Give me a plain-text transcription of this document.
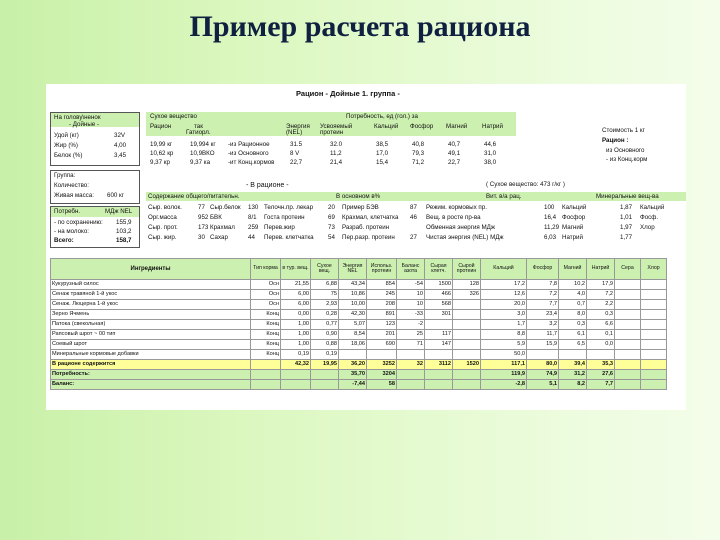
Пример расчета рациона
Рацион - Дойные 1. группа -
На голову\ненок
- Дойные -
Удой (кг)	32V
Жир (%)	4,00
Белок (%)	3,45
Сухое вещество
Рацион	так
Гатиорл.
19,99 кг	19,994 кг -из Рационное
10,62 кр	10,9ВКО -из Основного
9,37 кр	9,37 ка	-ит Конц.кормов
Потребность, ед (гол.) за
Энергия (NEL)
Усвояемый протеин
Кальций Фосфор Магний Натрий
31.5	32.0	38,5	40,8	40,7	44,6
8 V	11,2	17,0	79,3	49,1	31,0
22,7	21,4	15,4	71,2	22,7	38,0
Стоимость 1 кг
Рацион :
из Основного
- из Конц.корм
Группа:
Количество:
Живая масса: 600 кг
- В рационе -	( Сухое вещество: 473 г/кг )
Потребн.	МДж NEL
- по сохранению: 155,9
- на молоко:	103,2
Всего:	158,7
Содержание общего/питательн.	В основном в%	Вит. в/а рац.	Минеральные вещ-ва
Сыр. волок.	77 Сыр.белок 130 Телочн.пр. лекар 20 Пример БЭВ	87 Режим. кормовых пр.	100 Кальций	1,87 Кальций
Орг.масса	952 БВК	8/1 Госта протеин	69 Крахмал, клетчатка 46 Вещ. в росте пр-ва	16,4 Фосфор	1,01 Фосф.
Сыр. прот.	173 Крахмал 259 Перев.жир	73 Разраб. протеин	Обменная энергия МДж	11,29 Магний	1,97 Хлор
Сыр. жир.	30 Сахар	44 Перев. клетчатка 54 Пер.разр. протеин 27 Чистая энергия (NEL) МДж	6,03 Натрий	1,77
Ингредиенты	Тип корма	в тур. вещ.	Сухое вещ.	Энергия NEL	Использ. протеин	Баланс азота	Сырая клетч.	Сырой протеин	Кальций	Фосфор	Магний	Натрий	Сера	Хлор
Кукурузный силос	Осн	21,55	6,88	43,34	854	-54	1500	128	17,2	7,8	10,2	17,9		
Сенаж травяной 1-й укос	Осн	6,00	75	10,86	245	10	466	326	12,6	7,2	4,0	7,2		
Сенаж. Люцерна 1-й укос	Осн	6,00	2,93	10,00	208	10	568		20,0	7,7	0,7	2,2		
Зерно Ячмень	Конц	0,00	0,28	42,30	891	-33	301		3,0	23,4	8,0	0,3		
Патока (свекольная)	Конц	1,00	0,77	5,07	123	-2			1,7	3,2	0,3	6,6		
Рапсовый шрот ~ 00 тип	Конц	1,00	0,90	8,54	201	25	117		8,8	11,7	6,1	0,1		
Соевый шрот	Конц	1,00	0,88	18,06	690	71	147		5,9	15,9	6,5	0,0		
Минеральные кормовые добавки	Конц	0,19	0,19						50,0					
В рационе содержится		42,32	19,95	36,20	3252	32	3112	1520	117,1	80,0	39,4	35,3		
Потребность:				35,70	3204				119,9	74,9	31,2	27,6		
Баланс:				-7,44	58				-2,8	5,1	8,2	7,7		
